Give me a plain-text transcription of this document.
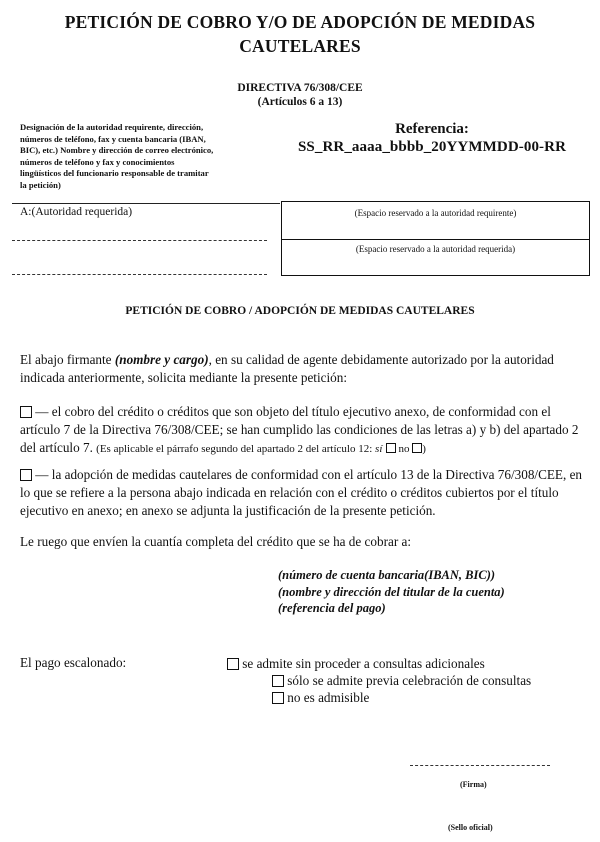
PETICIÓN DE COBRO Y/O DE ADOPCIÓN DE MEDIDAS
CAUTELARES
DIRECTIVA 76/308/CEE
(Artículos 6 a 13)
Designación de la autoridad requirente, dirección, números de teléfono, fax y cuenta bancaria (IBAN, BIC), etc.) Nombre y dirección de correo electrónico, números de teléfono y fax y conocimientos lingüísticos del funcionario responsable de tramitar la petición)
Referencia:
SS_RR_aaaa_bbbb_20YYMMDD-00-RR
A:(Autoridad requerida)	(Espacio reservado a la autoridad requirente)
(Espacio reservado a la autoridad requerida)
PETICIÓN DE COBRO / ADOPCIÓN DE MEDIDAS CAUTELARES
El abajo firmante (nombre y cargo), en su calidad de agente debidamente autorizado por la autoridad indicada anteriormente, solicita mediante la presente petición:
— el cobro del crédito o créditos que son objeto del título ejecutivo anexo, de conformidad con el artículo 7 de la Directiva 76/308/CEE; se han cumplido las condiciones de las letras a) y b) del apartado 2 del artículo 7. (Es aplicable el párrafo segundo del apartado 2 del artículo 12: sí  no )
— la adopción de medidas cautelares de conformidad con el artículo 13 de la Directiva 76/308/CEE, en lo que se refiere a la persona abajo indicada en relación con el crédito o créditos cubiertos por el título ejecutivo en anexo; en anexo se adjunta la justificación de la presente petición.
Le ruego que envíen la cuantía completa del crédito que se ha de cobrar a:
(número de cuenta bancaria(IBAN, BIC))
(nombre y dirección del titular de la cuenta)
(referencia del pago)
El pago escalonado:	se admite sin proceder a consultas adicionales
sólo se admite previa celebración de consultas
no es admisible
(Firma)
(Sello oficial)
